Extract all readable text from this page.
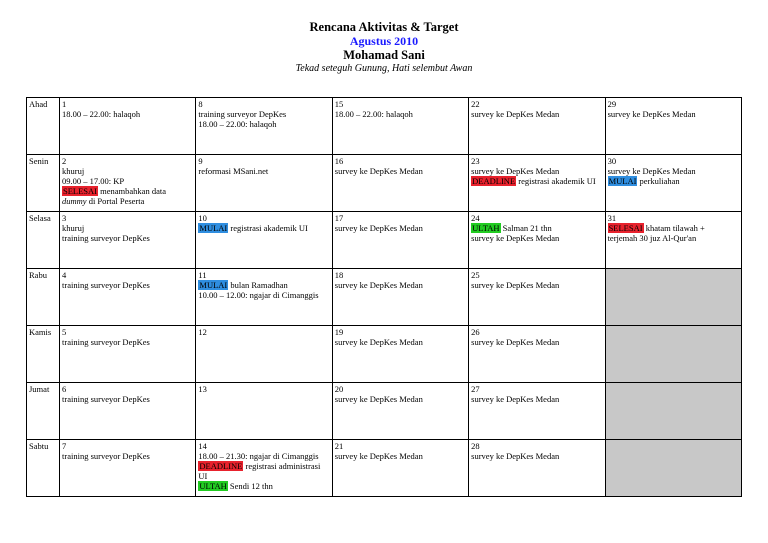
Rencana Aktivitas & Target
Agustus 2010
Mohamad Sani
Tekad seteguh Gunung, Hati selembut Awan
Ahad	1
18.00 – 22.00: halaqoh	8
training surveyor DepKes
18.00 – 22.00: halaqoh	15
18.00 – 22.00: halaqoh	22
survey ke DepKes Medan	29
survey ke DepKes Medan

Senin	2
khuruj
09.00 – 17.00: KP
SELESAI menambahkan data
dummy di Portal Peserta	9
reformasi MSani.net	16
survey ke DepKes Medan	23
survey ke DepKes Medan
DEADLINE registrasi akademik UI	30
survey ke DepKes Medan
MULAI perkuliahan

Selasa	3
khuruj
training surveyor DepKes	10
MULAI registrasi akademik UI	17
survey ke DepKes Medan	24
ULTAH Salman 21 thn
survey ke DepKes Medan	31
SELESAI khatam tilawah +
terjemah 30 juz Al-Qur'an

Rabu	4
training surveyor DepKes	11
MULAI bulan Ramadhan
10.00 – 12.00: ngajar di Cimanggis	18
survey ke DepKes Medan	25
survey ke DepKes Medan	

Kamis	5
training surveyor DepKes	12	19
survey ke DepKes Medan	26
survey ke DepKes Medan	

Jumat	6
training surveyor DepKes	13	20
survey ke DepKes Medan	27
survey ke DepKes Medan	

Sabtu	7
training surveyor DepKes	14
18.00 – 21.30: ngajar di Cimanggis
DEADLINE registrasi administrasi
UI
ULTAH Sendi 12 thn	21
survey ke DepKes Medan	28
survey ke DepKes Medan	
